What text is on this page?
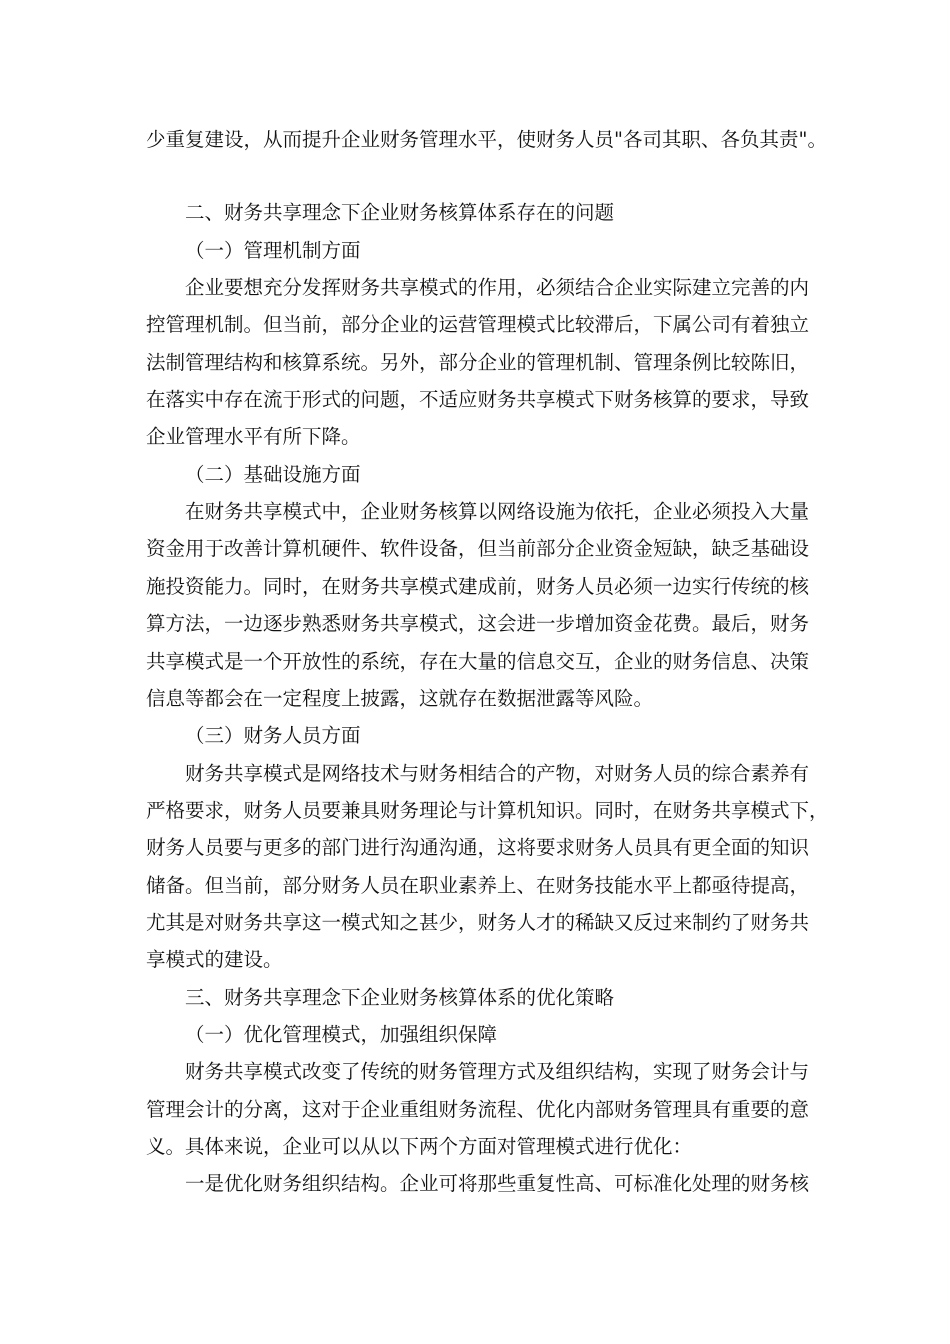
少重复建设，从而提升企业财务管理水平，使财务人员"各司其职、各负其责"。
二、财务共享理念下企业财务核算体系存在的问题
（一）管理机制方面
企业要想充分发挥财务共享模式的作用，必须结合企业实际建立完善的内
控管理机制。但当前，部分企业的运营管理模式比较滞后，下属公司有着独立
法制管理结构和核算系统。另外，部分企业的管理机制、管理条例比较陈旧，
在落实中存在流于形式的问题，不适应财务共享模式下财务核算的要求，导致
企业管理水平有所下降。
（二）基础设施方面
在财务共享模式中，企业财务核算以网络设施为依托，企业必须投入大量
资金用于改善计算机硬件、软件设备，但当前部分企业资金短缺，缺乏基础设
施投资能力。同时，在财务共享模式建成前，财务人员必须一边实行传统的核
算方法，一边逐步熟悉财务共享模式，这会进一步增加资金花费。最后，财务
共享模式是一个开放性的系统，存在大量的信息交互，企业的财务信息、决策
信息等都会在一定程度上披露，这就存在数据泄露等风险。
（三）财务人员方面
财务共享模式是网络技术与财务相结合的产物，对财务人员的综合素养有
严格要求，财务人员要兼具财务理论与计算机知识。同时，在财务共享模式下，
财务人员要与更多的部门进行沟通沟通，这将要求财务人员具有更全面的知识
储备。但当前，部分财务人员在职业素养上、在财务技能水平上都亟待提高，
尤其是对财务共享这一模式知之甚少，财务人才的稀缺又反过来制约了财务共
享模式的建设。
三、财务共享理念下企业财务核算体系的优化策略
（一）优化管理模式，加强组织保障
财务共享模式改变了传统的财务管理方式及组织结构，实现了财务会计与
管理会计的分离，这对于企业重组财务流程、优化内部财务管理具有重要的意
义。具体来说，企业可以从以下两个方面对管理模式进行优化：
一是优化财务组织结构。企业可将那些重复性高、可标准化处理的财务核
